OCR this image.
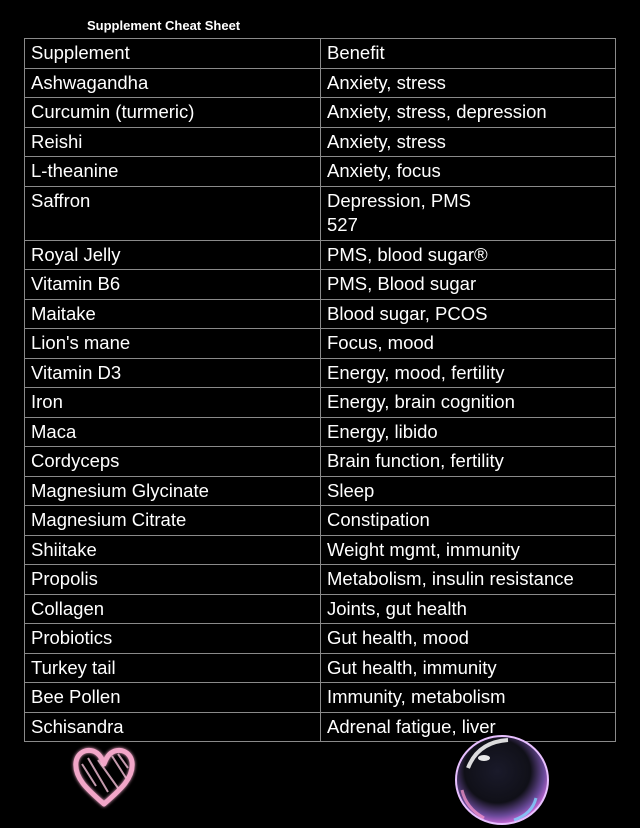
Supplement Cheat Sheet
Supplement	Benefit
Ashwagandha	Anxiety, stress
Curcumin (turmeric)	Anxiety, stress, depression
Reishi	Anxiety, stress
L-theanine	Anxiety, focus
Saffron	Depression, PMS
527
Royal Jelly	PMS, blood sugar®
Vitamin B6	PMS, Blood sugar
Maitake	Blood sugar, PCOS
Lion's mane	Focus, mood
Vitamin D3	Energy, mood, fertility
Iron	Energy, brain cognition
Maca	Energy, libido
Cordyceps	Brain function, fertility
Magnesium Glycinate	Sleep
Magnesium Citrate	Constipation
Shiitake	Weight mgmt, immunity
Propolis	Metabolism, insulin resistance
Collagen	Joints, gut health
Probiotics	Gut health, mood
Turkey tail	Gut health, immunity
Bee Pollen	Immunity, metabolism
Schisandra	Adrenal fatigue, liver
